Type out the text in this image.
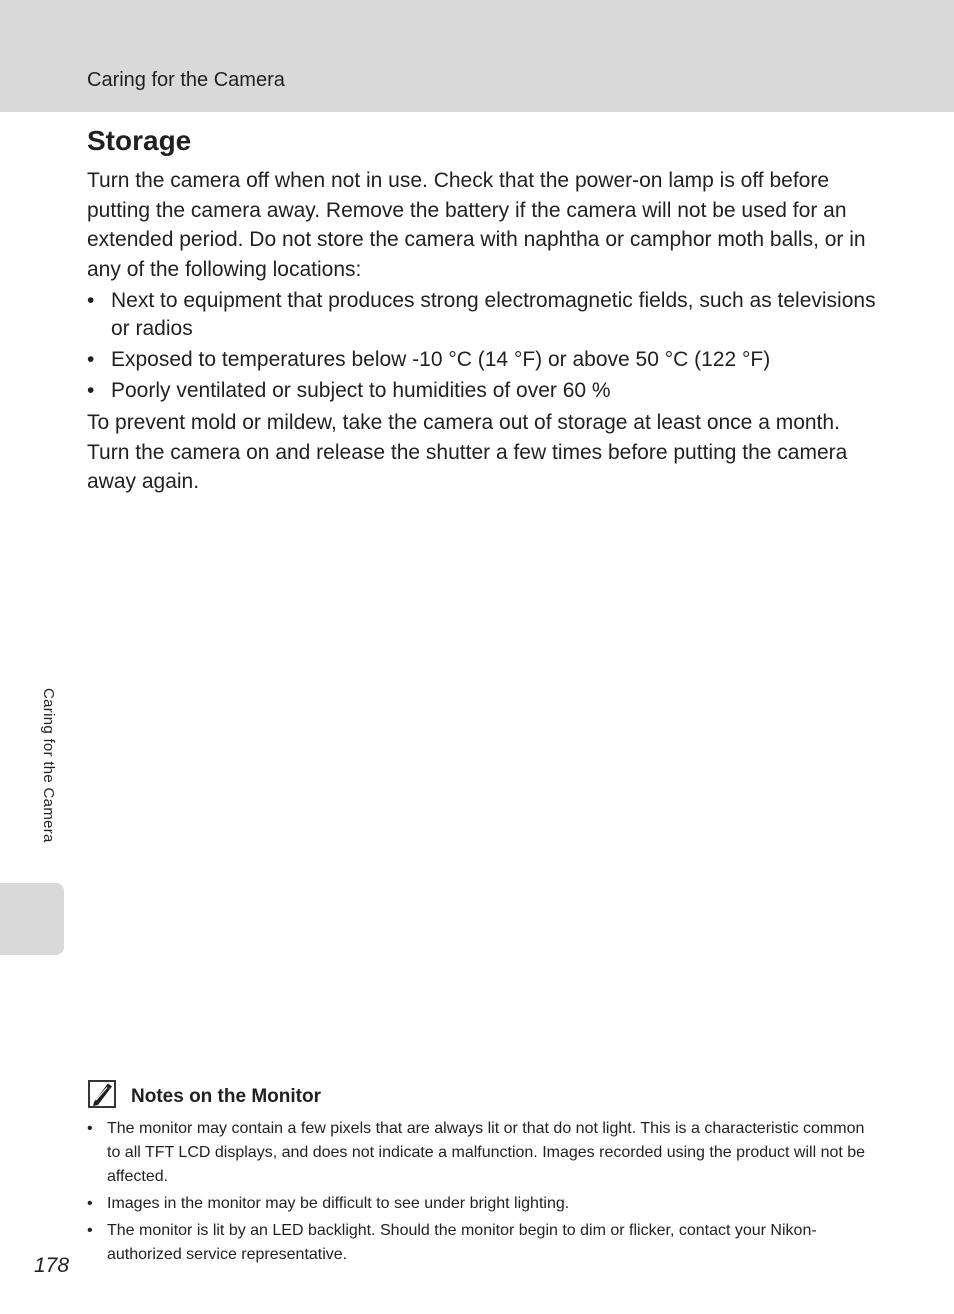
Caring for the Camera
Storage

Turn the camera off when not in use. Check that the power-on lamp is off before putting the camera away. Remove the battery if the camera will not be used for an extended period. Do not store the camera with naphtha or camphor moth balls, or in any of the following locations:

• Next to equipment that produces strong electromagnetic fields, such as televisions or radios
• Exposed to temperatures below -10 °C (14 °F) or above 50 °C (122 °F)
• Poorly ventilated or subject to humidities of over 60 %

To prevent mold or mildew, take the camera out of storage at least once a month. Turn the camera on and release the shutter a few times before putting the camera away again.

Caring for the Camera
Notes on the Monitor
• The monitor may contain a few pixels that are always lit or that do not light. This is a characteristic common to all TFT LCD displays, and does not indicate a malfunction. Images recorded using the product will not be affected.
• Images in the monitor may be difficult to see under bright lighting.
• The monitor is lit by an LED backlight. Should the monitor begin to dim or flicker, contact your Nikon-authorized service representative.
178
